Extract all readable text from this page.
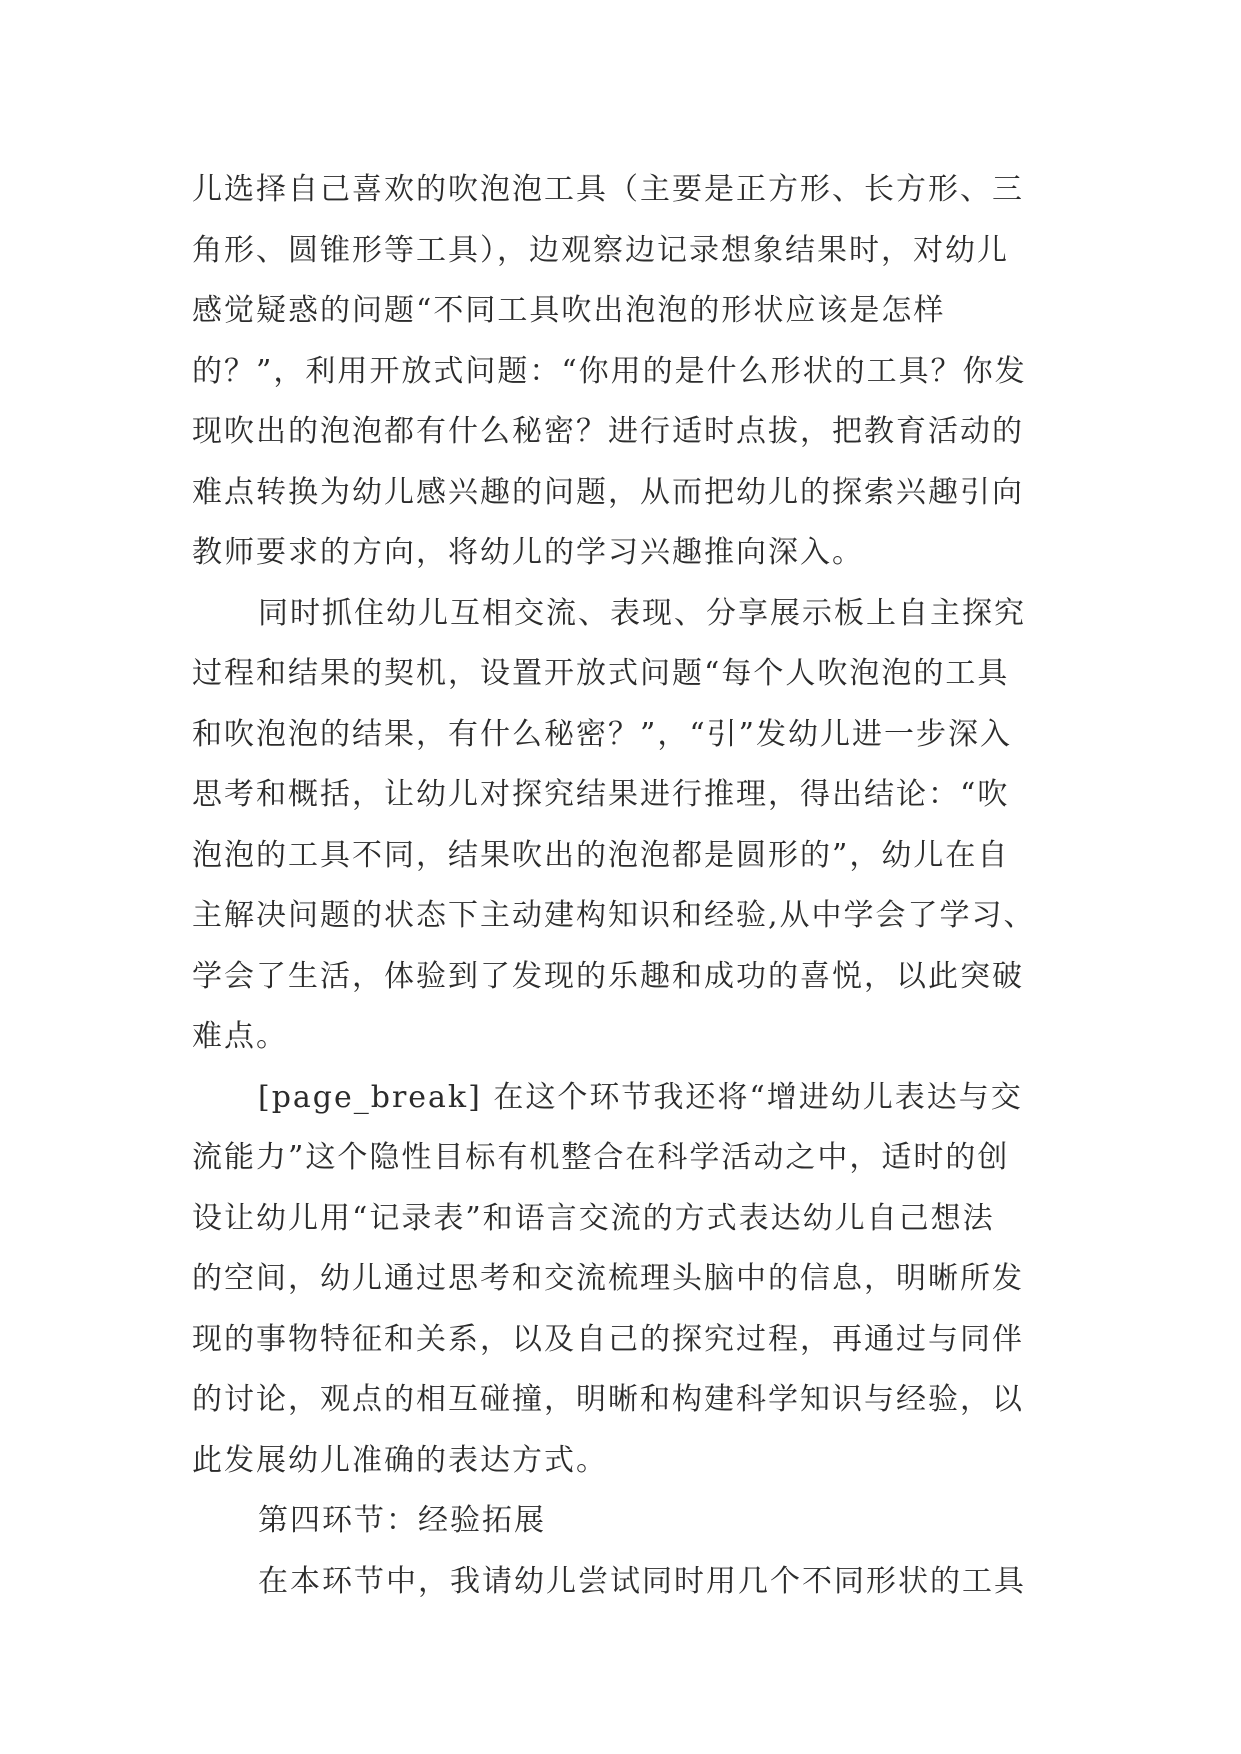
儿选择自己喜欢的吹泡泡工具（主要是正方形、长方形、三
角形、圆锥形等工具），边观察边记录想象结果时，对幼儿
感觉疑惑的问题“不同工具吹出泡泡的形状应该是怎样
的？”，利用开放式问题：“你用的是什么形状的工具？你发
现吹出的泡泡都有什么秘密？进行适时点拔，把教育活动的
难点转换为幼儿感兴趣的问题，从而把幼儿的探索兴趣引向
教师要求的方向，将幼儿的学习兴趣推向深入。
同时抓住幼儿互相交流、表现、分享展示板上自主探究
过程和结果的契机，设置开放式问题“每个人吹泡泡的工具
和吹泡泡的结果，有什么秘密？”，“引”发幼儿进一步深入
思考和概括，让幼儿对探究结果进行推理，得出结论：“吹
泡泡的工具不同，结果吹出的泡泡都是圆形的”，幼儿在自
主解决问题的状态下主动建构知识和经验,从中学会了学习、
学会了生活，体验到了发现的乐趣和成功的喜悦，以此突破
难点。
[page_break] 在这个环节我还将“增进幼儿表达与交
流能力”这个隐性目标有机整合在科学活动之中，适时的创
设让幼儿用“记录表”和语言交流的方式表达幼儿自己想法
的空间，幼儿通过思考和交流梳理头脑中的信息，明晰所发
现的事物特征和关系，以及自己的探究过程，再通过与同伴
的讨论，观点的相互碰撞，明晰和构建科学知识与经验，以
此发展幼儿准确的表达方式。
第四环节：经验拓展
在本环节中，我请幼儿尝试同时用几个不同形状的工具
